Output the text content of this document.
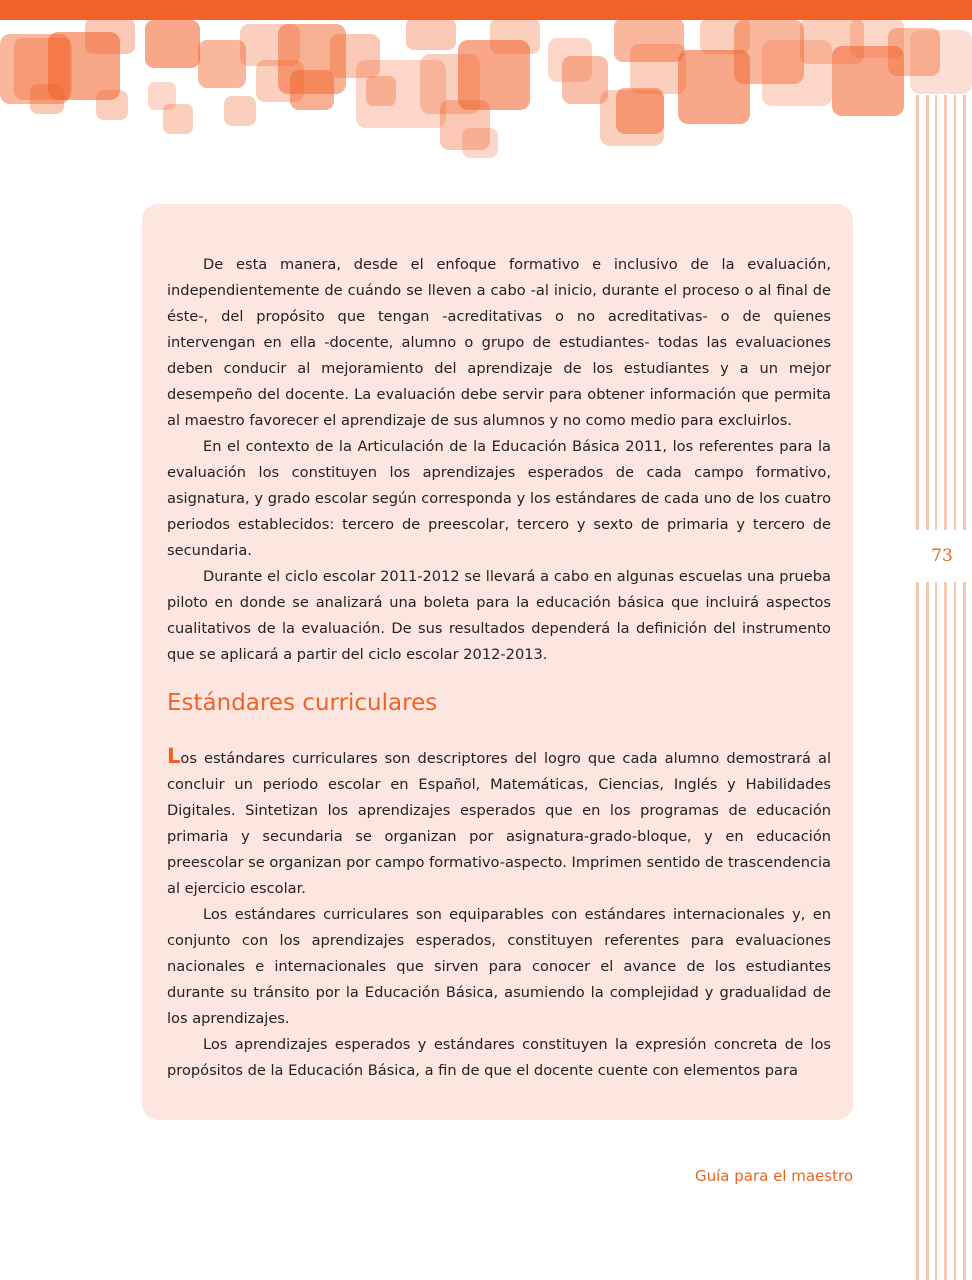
73

De esta manera, desde el enfoque formativo e inclusivo de la evaluación, independientemente de cuándo se lleven a cabo -al inicio, durante el proceso o al final de éste-, del propósito que tengan -acreditativas o no acreditativas- o de quienes intervengan en ella -docente, alumno o grupo de estudiantes- todas las evaluaciones deben conducir al mejoramiento del aprendizaje de los estudiantes y a un mejor desempeño del docente. La evaluación debe servir para obtener información que permita al maestro favorecer el aprendizaje de sus alumnos y no como medio para excluirlos.

En el contexto de la Articulación de la Educación Básica 2011, los referentes para la evaluación los constituyen los aprendizajes esperados de cada campo formativo, asignatura, y grado escolar según corresponda y los estándares de cada uno de los cuatro periodos establecidos: tercero de preescolar, tercero y sexto de primaria y tercero de secundaria.

Durante el ciclo escolar 2011-2012 se llevará a cabo en algunas escuelas una prueba piloto en donde se analizará una boleta para la educación básica que incluirá aspectos cualitativos de la evaluación. De sus resultados dependerá la definición del instrumento que se aplicará a partir del ciclo escolar 2012-2013.

Estándares curriculares

Los estándares curriculares son descriptores del logro que cada alumno demostrará al concluir un periodo escolar en Español, Matemáticas, Ciencias, Inglés y Habilidades Digitales. Sintetizan los aprendizajes esperados que en los programas de educación primaria y secundaria se organizan por asignatura-grado-bloque, y en educación preescolar se organizan por campo formativo-aspecto. Imprimen sentido de trascendencia al ejercicio escolar.

Los estándares curriculares son equiparables con estándares internacionales y, en conjunto con los aprendizajes esperados, constituyen referentes para evaluaciones nacionales e internacionales que sirven para conocer el avance de los estudiantes durante su tránsito por la Educación Básica, asumiendo la complejidad y gradualidad de los aprendizajes.

Los aprendizajes esperados y estándares constituyen la expresión concreta de los propósitos de la Educación Básica, a fin de que el docente cuente con elementos para

Guía para el maestro
